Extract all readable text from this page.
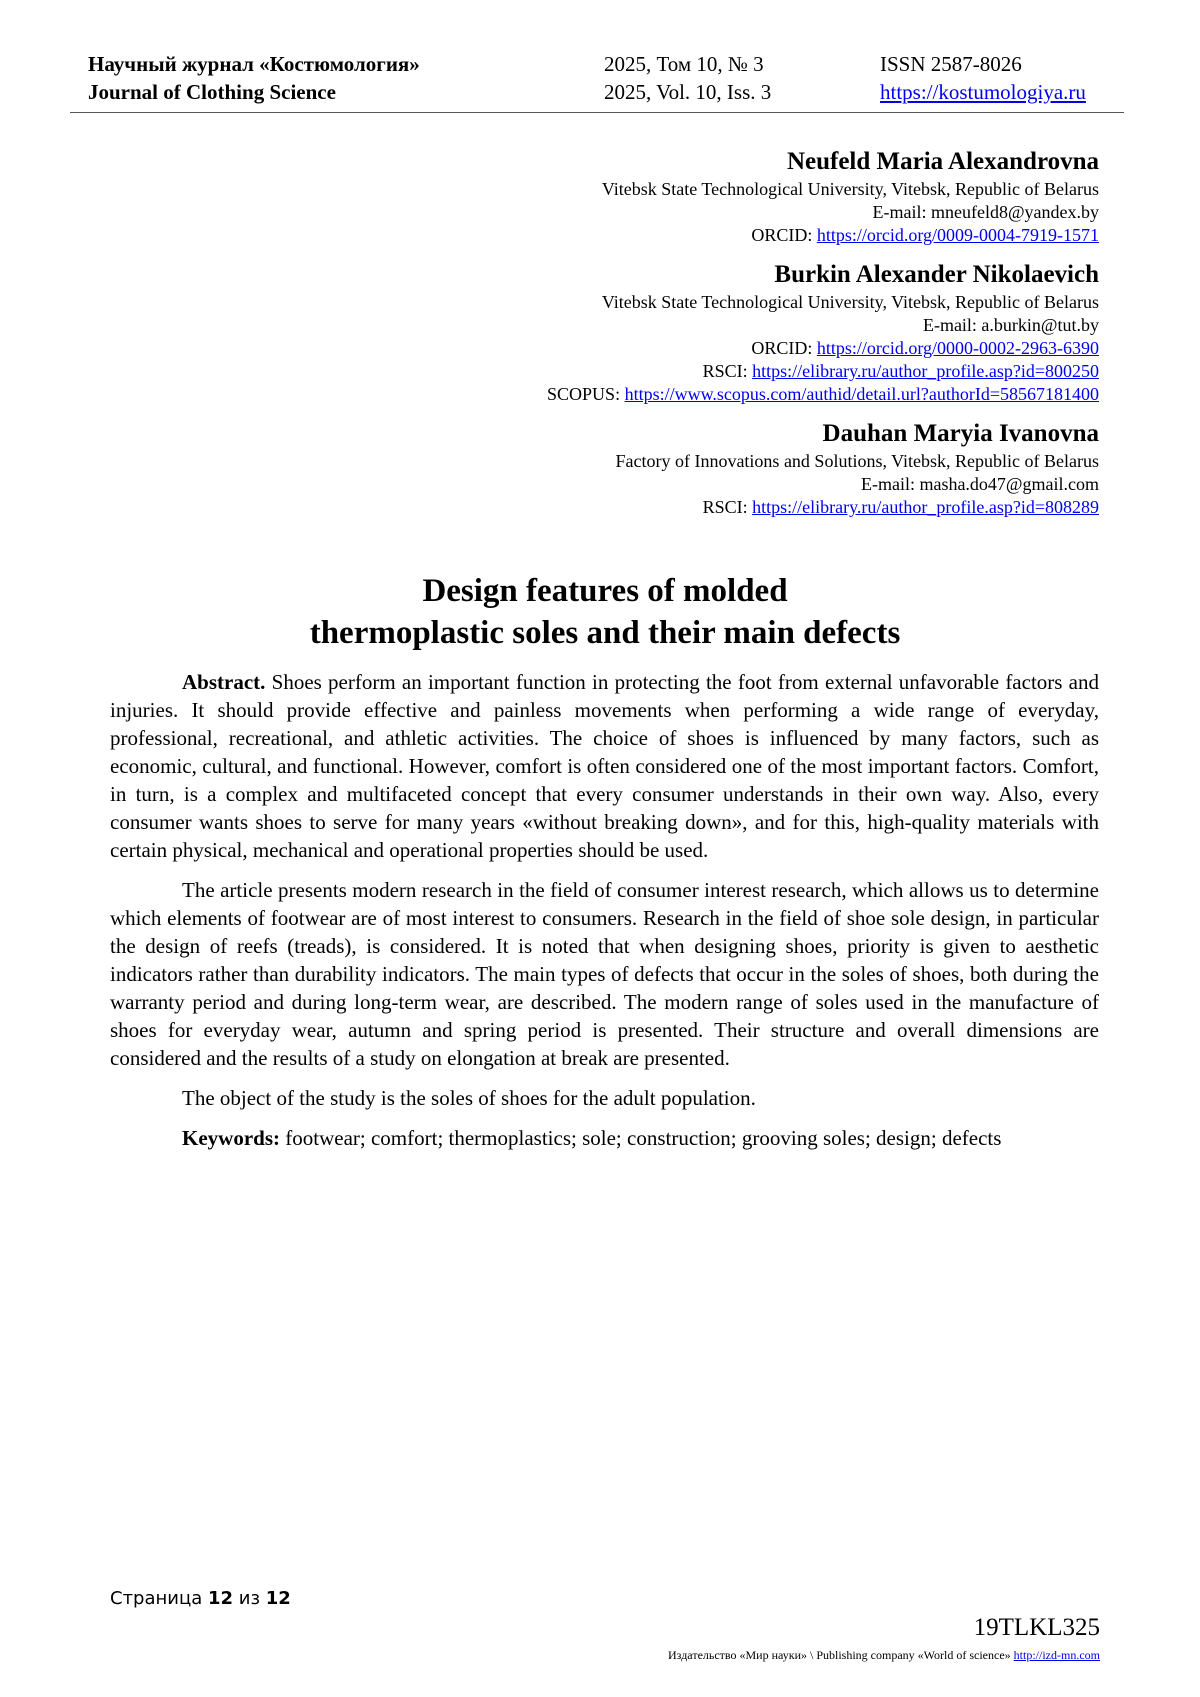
Научный журнал «Костюмология»
Journal of Clothing Science
2025, Том 10, № 3
2025, Vol. 10, Iss. 3
ISSN 2587-8026
https://kostumologiya.ru
Neufeld Maria Alexandrovna
Vitebsk State Technological University, Vitebsk, Republic of Belarus
E-mail: mneufeld8@yandex.by
ORCID: https://orcid.org/0009-0004-7919-1571
Burkin Alexander Nikolaevich
Vitebsk State Technological University, Vitebsk, Republic of Belarus
E-mail: a.burkin@tut.by
ORCID: https://orcid.org/0000-0002-2963-6390
RSCI: https://elibrary.ru/author_profile.asp?id=800250
SCOPUS: https://www.scopus.com/authid/detail.url?authorId=58567181400
Dauhan Maryia Ivanovna
Factory of Innovations and Solutions, Vitebsk, Republic of Belarus
E-mail: masha.do47@gmail.com
RSCI: https://elibrary.ru/author_profile.asp?id=808289
Design features of molded
thermoplastic soles and their main defects

Abstract. Shoes perform an important function in protecting the foot from external unfavorable factors and injuries. It should provide effective and painless movements when performing a wide range of everyday, professional, recreational, and athletic activities. The choice of shoes is influenced by many factors, such as economic, cultural, and functional. However, comfort is often considered one of the most important factors. Comfort, in turn, is a complex and multifaceted concept that every consumer understands in their own way. Also, every consumer wants shoes to serve for many years «without breaking down», and for this, high-quality materials with certain physical, mechanical and operational properties should be used.

The article presents modern research in the field of consumer interest research, which allows us to determine which elements of footwear are of most interest to consumers. Research in the field of shoe sole design, in particular the design of reefs (treads), is considered. It is noted that when designing shoes, priority is given to aesthetic indicators rather than durability indicators. The main types of defects that occur in the soles of shoes, both during the warranty period and during long-term wear, are described. The modern range of soles used in the manufacture of shoes for everyday wear, autumn and spring period is presented. Their structure and overall dimensions are considered and the results of a study on elongation at break are presented.

The object of the study is the soles of shoes for the adult population.

Keywords: footwear; comfort; thermoplastics; sole; construction; grooving soles; design; defects

Страница 12 из 12
19TLKL325
Издательство «Мир науки» \ Publishing company «World of science» http://izd-mn.com
